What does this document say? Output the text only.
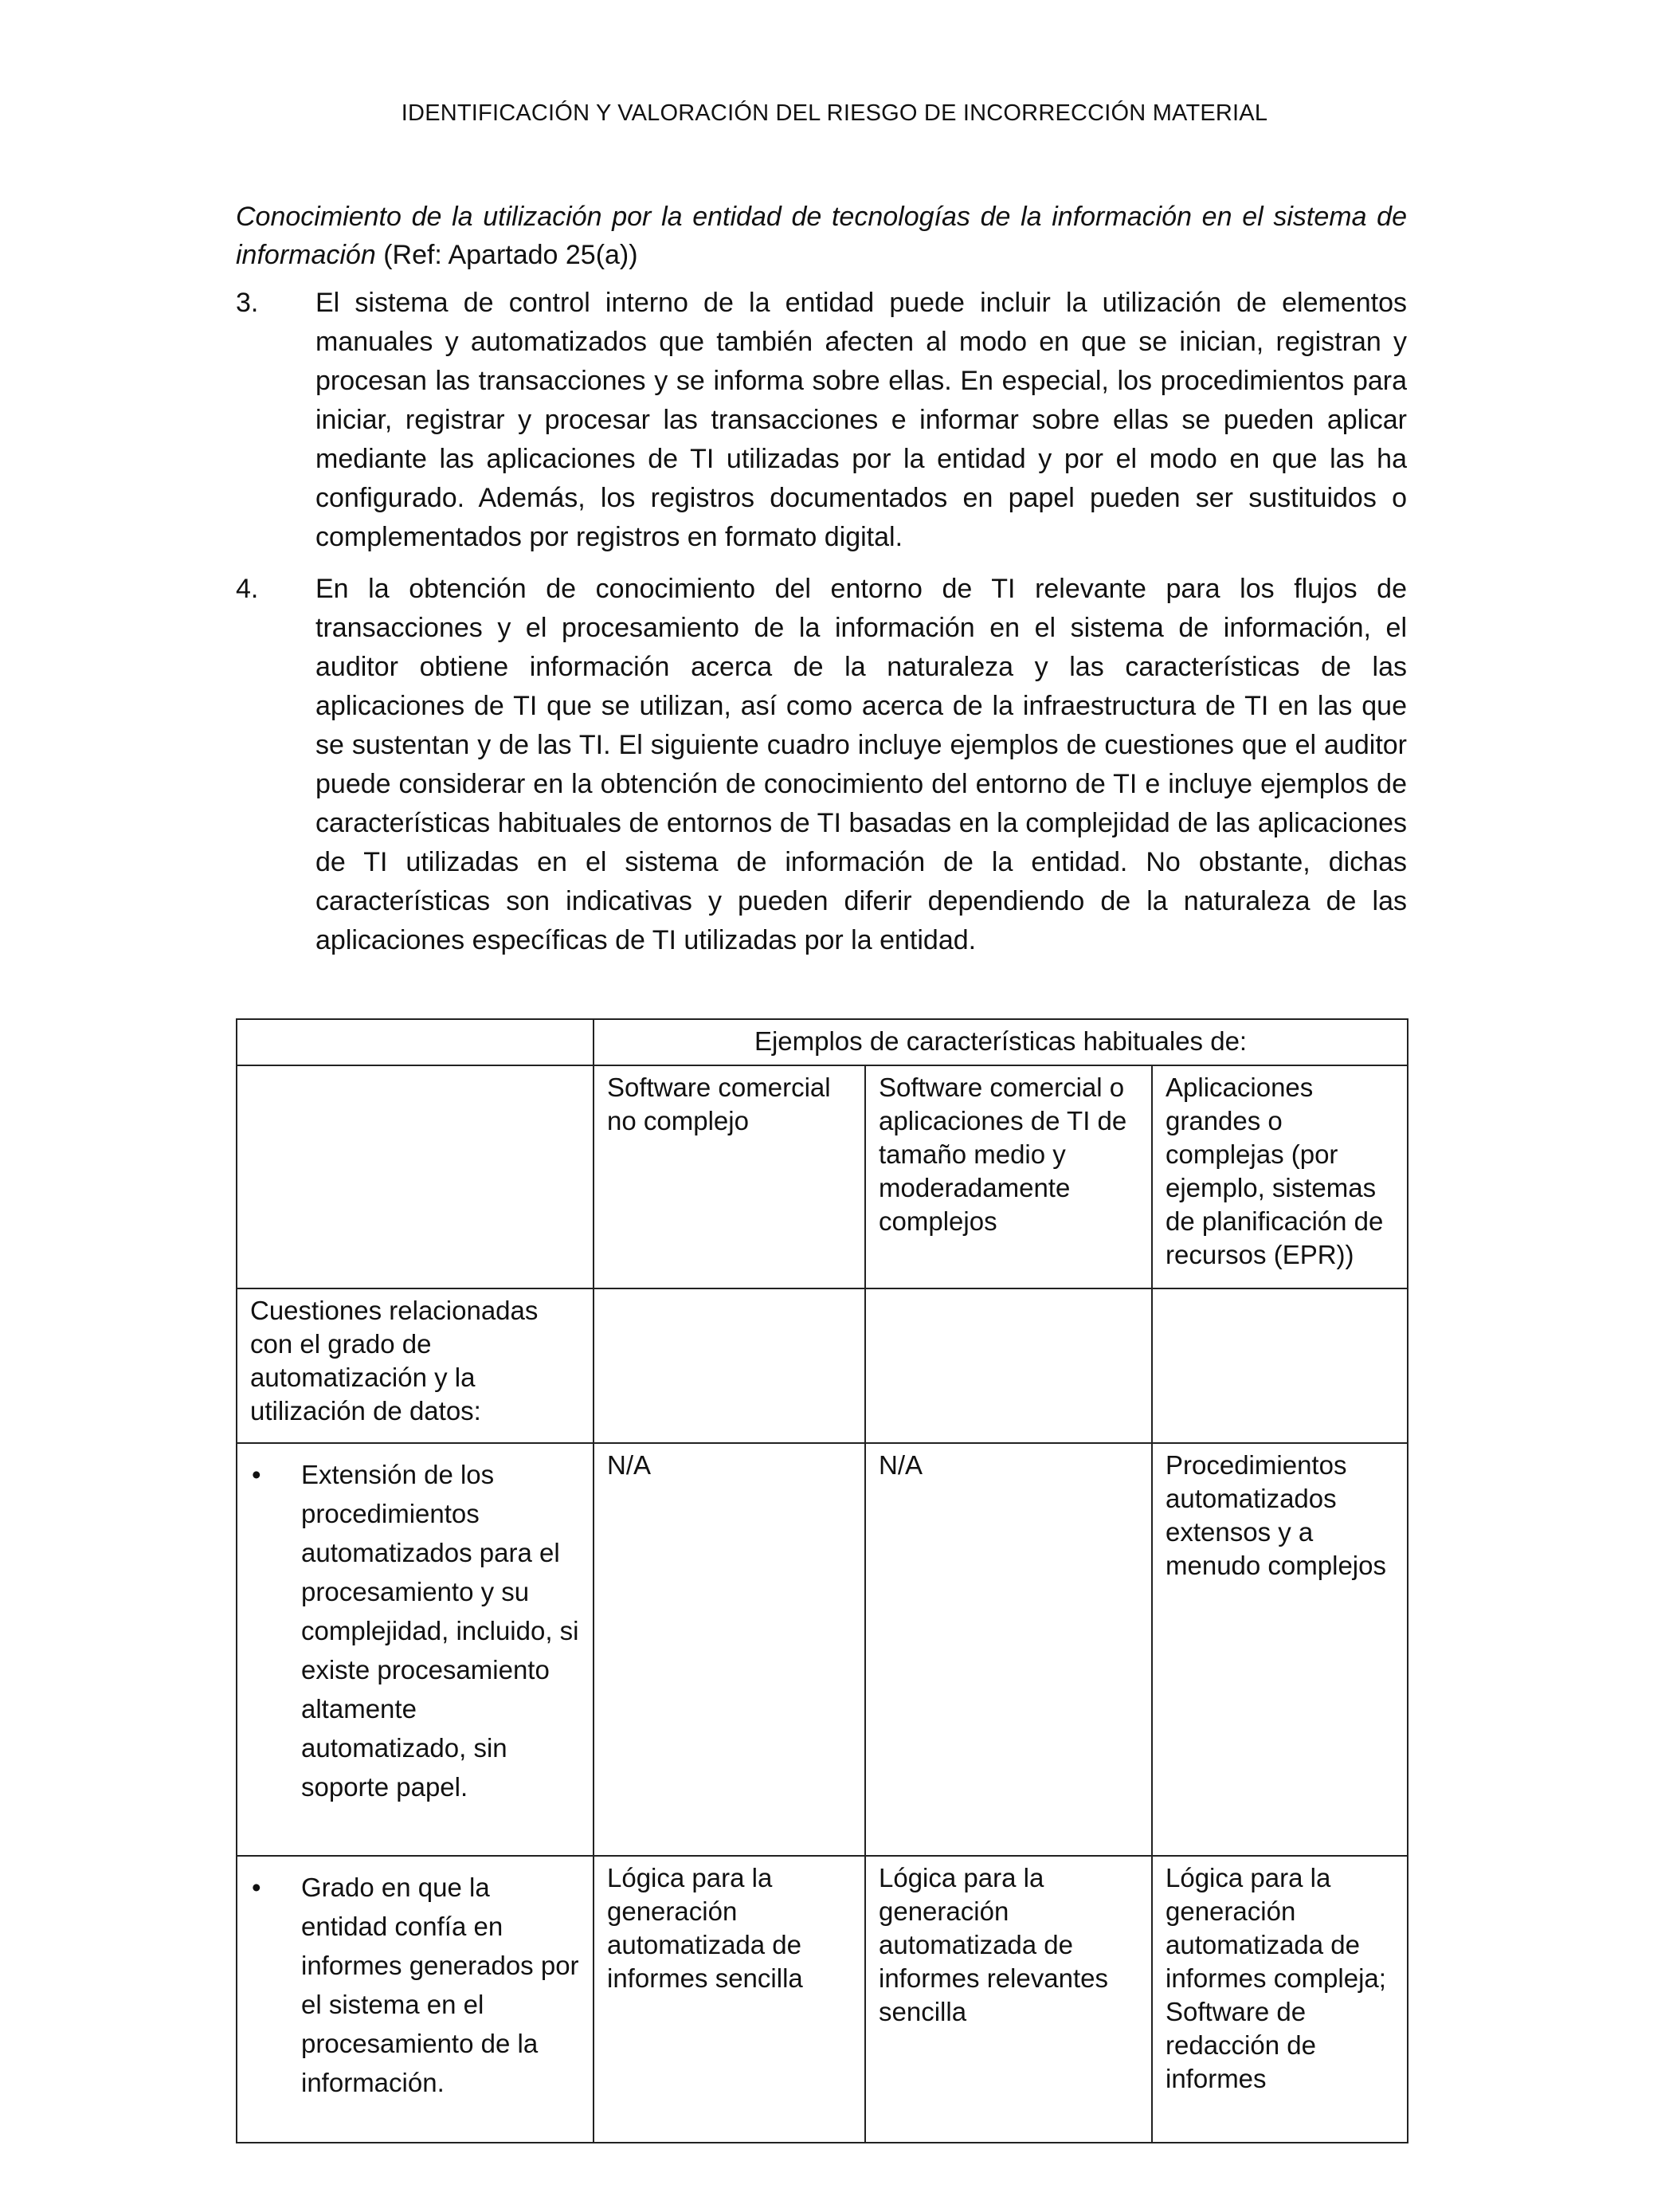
IDENTIFICACIÓN Y VALORACIÓN DEL RIESGO DE INCORRECCIÓN MATERIAL

Conocimiento de la utilización por la entidad de tecnologías de la información en el sistema de información (Ref: Apartado 25(a))

3. El sistema de control interno de la entidad puede incluir la utilización de elementos manuales y automatizados que también afecten al modo en que se inician, registran y procesan las transacciones y se informa sobre ellas. En especial, los procedimientos para iniciar, registrar y procesar las transacciones e informar sobre ellas se pueden aplicar mediante las aplicaciones de TI utilizadas por la entidad y por el modo en que las ha configurado. Además, los registros documentados en papel pueden ser sustituidos o complementados por registros en formato digital.
4. En la obtención de conocimiento del entorno de TI relevante para los flujos de transacciones y el procesamiento de la información en el sistema de información, el auditor obtiene información acerca de la naturaleza y las características de las aplicaciones de TI que se utilizan, así como acerca de la infraestructura de TI en las que se sustentan y de las TI. El siguiente cuadro incluye ejemplos de cuestiones que el auditor puede considerar en la obtención de conocimiento del entorno de TI e incluye ejemplos de características habituales de entornos de TI basadas en la complejidad de las aplicaciones de TI utilizadas en el sistema de información de la entidad. No obstante, dichas características son indicativas y pueden diferir dependiendo de la naturaleza de las aplicaciones específicas de TI utilizadas por la entidad.
	Ejemplos de características habituales de:		
	Software comercial no complejo	Software comercial o aplicaciones de TI de tamaño medio y moderadamente complejos	Aplicaciones grandes o complejas (por ejemplo, sistemas de planificación de recursos (EPR))
Cuestiones relacionadas con el grado de automatización y la utilización de datos:			

• Extensión de los procedimientos automatizados para el procesamiento y su complejidad, incluido, si existe procesamiento altamente automatizado, sin soporte papel.	N/A	N/A	Procedimientos automatizados extensos y a menudo complejos

• Grado en que la entidad confía en informes generados por el sistema en el procesamiento de la información.	Lógica para la generación automatizada de informes sencilla	Lógica para la generación automatizada de informes relevantes sencilla	Lógica para la generación automatizada de informes compleja; Software de redacción de informes
